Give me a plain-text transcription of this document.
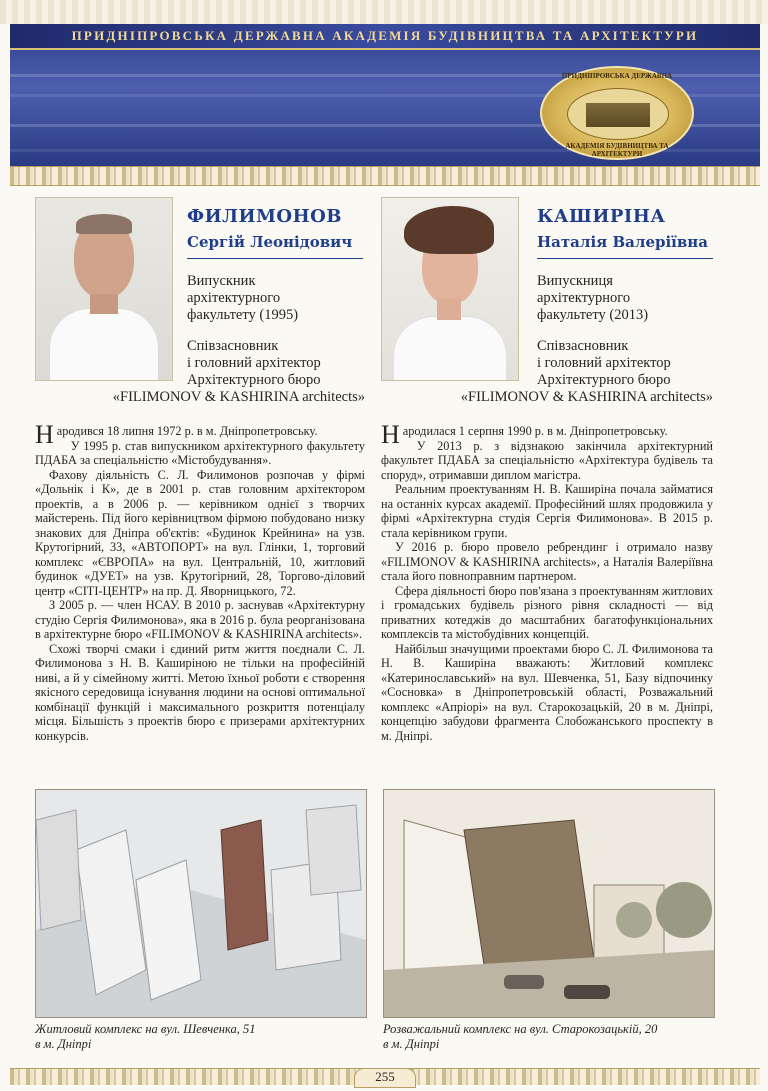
ПРИДНІПРОВСЬКА ДЕРЖАВНА АКАДЕМІЯ БУДІВНИЦТВА ТА АРХІТЕКТУРИ
ПРИДНІПРОВСЬКА ДЕРЖАВНА
АКАДЕМІЯ БУДІВНИЦТВА ТА АРХІТЕКТУРИ
ФИЛИМОНОВ
Сергій Леонідович
Випускник
архітектурного
факультету (1995)
Співзасновник
і головний архітектор
Архітектурного бюро
«FILIMONOV & KASHIRINA architects»
КАШИРІНА
Наталія Валеріївна
Випускниця
архітектурного
факультету (2013)
Співзасновник
і головний архітектор
Архітектурного бюро
«FILIMONOV & KASHIRINA architects»

Народився 18 липня 1972 р. в м. Дніпропетровську.

У 1995 р. став випускником архітектурного факультету ПДАБА за спеціальністю «Містобудування».

Фахову діяльність С. Л. Филимонов розпочав у фірмі «Дольнік і К», де в 2001 р. став головним архітектором проектів, а в 2006 р. — керівником однієї з творчих майстерень. Під його керівництвом фірмою побудовано низку знакових для Дніпра об'єктів: «Будинок Крейнина» на узв. Крутогірний, 33, «АВТОПОРТ» на вул. Глінки, 1, торговий комплекс «ЄВРОПА» на вул. Центральній, 10, житловий будинок «ДУЕТ» на узв. Крутогірний, 28, Торгово-діловий центр «СІТІ-ЦЕНТР» на пр. Д. Яворницького, 72.

З 2005 р. — член НСАУ. В 2010 р. заснував «Архітектурну студію Сергія Филимонова», яка в 2016 р. була реорганізована в архітектурне бюро «FILIMONOV & KASHIRINA architects».

Схожі творчі смаки і єдиний ритм життя поєднали С. Л. Филимонова з Н. В. Каширіною не тільки на професійній ниві, а й у сімейному житті. Метою їхньої роботи є створення якісного середовища існування людини на основі оптимальної комбінації функцій і максимального розкриття потенціалу місця. Більшість з проектів бюро є призерами архітектурних конкурсів.

Народилася 1 серпня 1990 р. в м. Дніпропетровську.

У 2013 р. з відзнакою закінчила архітектурний факультет ПДАБА за спеціальністю «Архітектура будівель та споруд», отримавши диплом магістра.

Реальним проектуванням Н. В. Каширіна почала займатися на останніх курсах академії. Професійний шлях продовжила у фірмі «Архітектурна студія Сергія Филимонова». В 2015 р. стала керівником групи.

У 2016 р. бюро провело ребрендинг і отримало назву «FILIMONOV & KASHIRINA architects», а Наталія Валеріївна стала його повноправним партнером.

Сфера діяльності бюро пов'язана з проектуванням житлових і громадських будівель різного рівня складності — від приватних котеджів до масштабних багатофункціональних комплексів та містобудівних концепцій.

Найбільш значущими проектами бюро С. Л. Филимонова та Н. В. Каширіна вважають: Житловий комплекс «Катеринославський» на вул. Шевченка, 51, Базу відпочинку «Сосновка» в Дніпропетровській області, Розважальний комплекс «Апріорі» на вул. Старокозацькій, 20 в м. Дніпрі, концепцію забудови фрагмента Слобожанського проспекту в м. Дніпрі.

Житловий комплекс на вул. Шевченка, 51
в м. Дніпрі
Розважальний комплекс на вул. Старокозацькій, 20
в м. Дніпрі
255
